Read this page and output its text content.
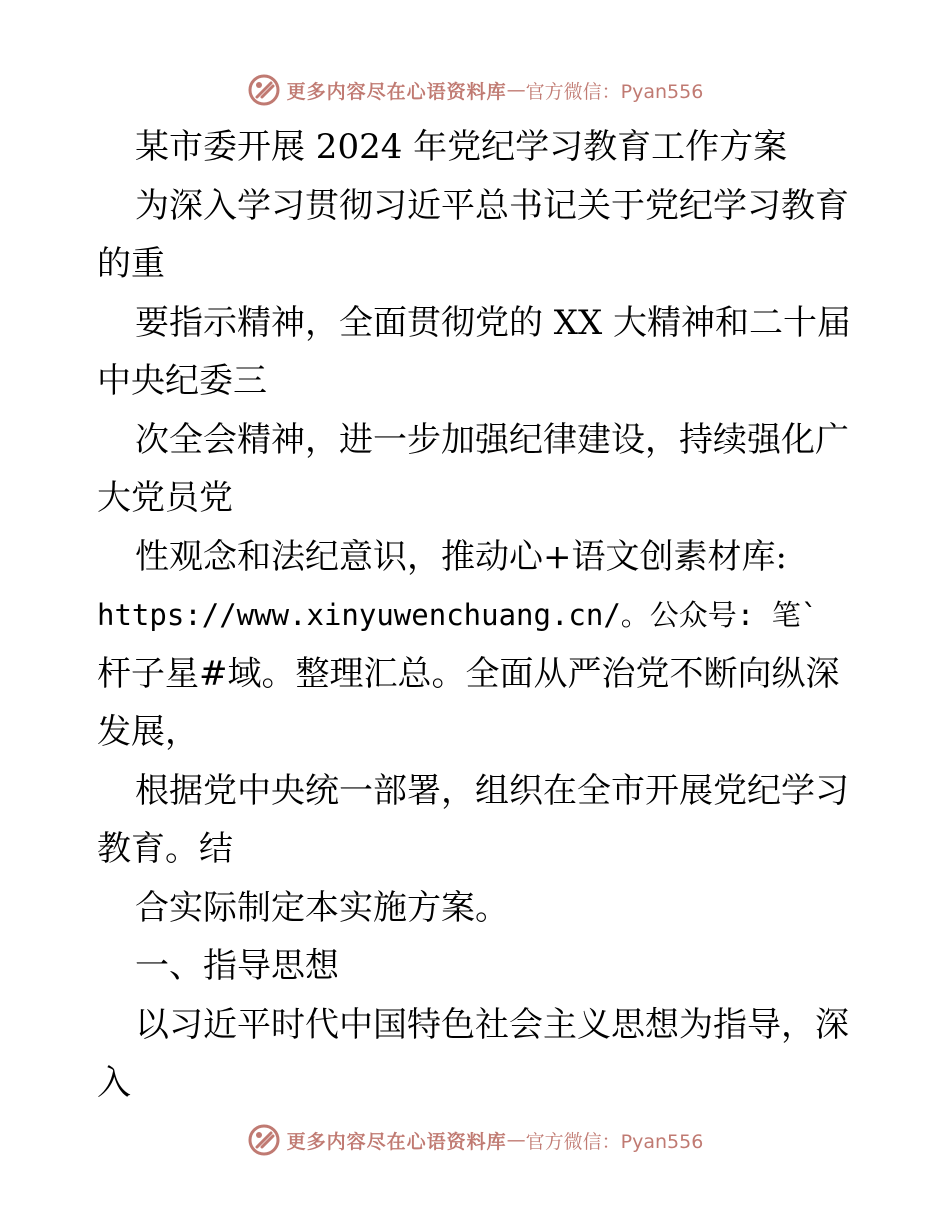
更多内容尽在心语资料库 — 官方微信：Pyan556
某市委开展 2024 年党纪学习教育工作方案
为深入学习贯彻习近平总书记关于党纪学习教育
的重
要指示精神，全面贯彻党的 XX 大精神和二十届
中央纪委三
次全会精神，进一步加强纪律建设，持续强化广
大党员党
性观念和法纪意识，推动心+语文创素材库:
https://www.xinyuwenchuang.cn/。公众号: 笔`
杆子星#域。整理汇总。全面从严治党不断向纵深
发展，
根据党中央统一部署，组织在全市开展党纪学习
教育。结
合实际制定本实施方案。
一、指导思想
以习近平时代中国特色社会主义思想为指导，深
入
更多内容尽在心语资料库 — 官方微信：Pyan556
